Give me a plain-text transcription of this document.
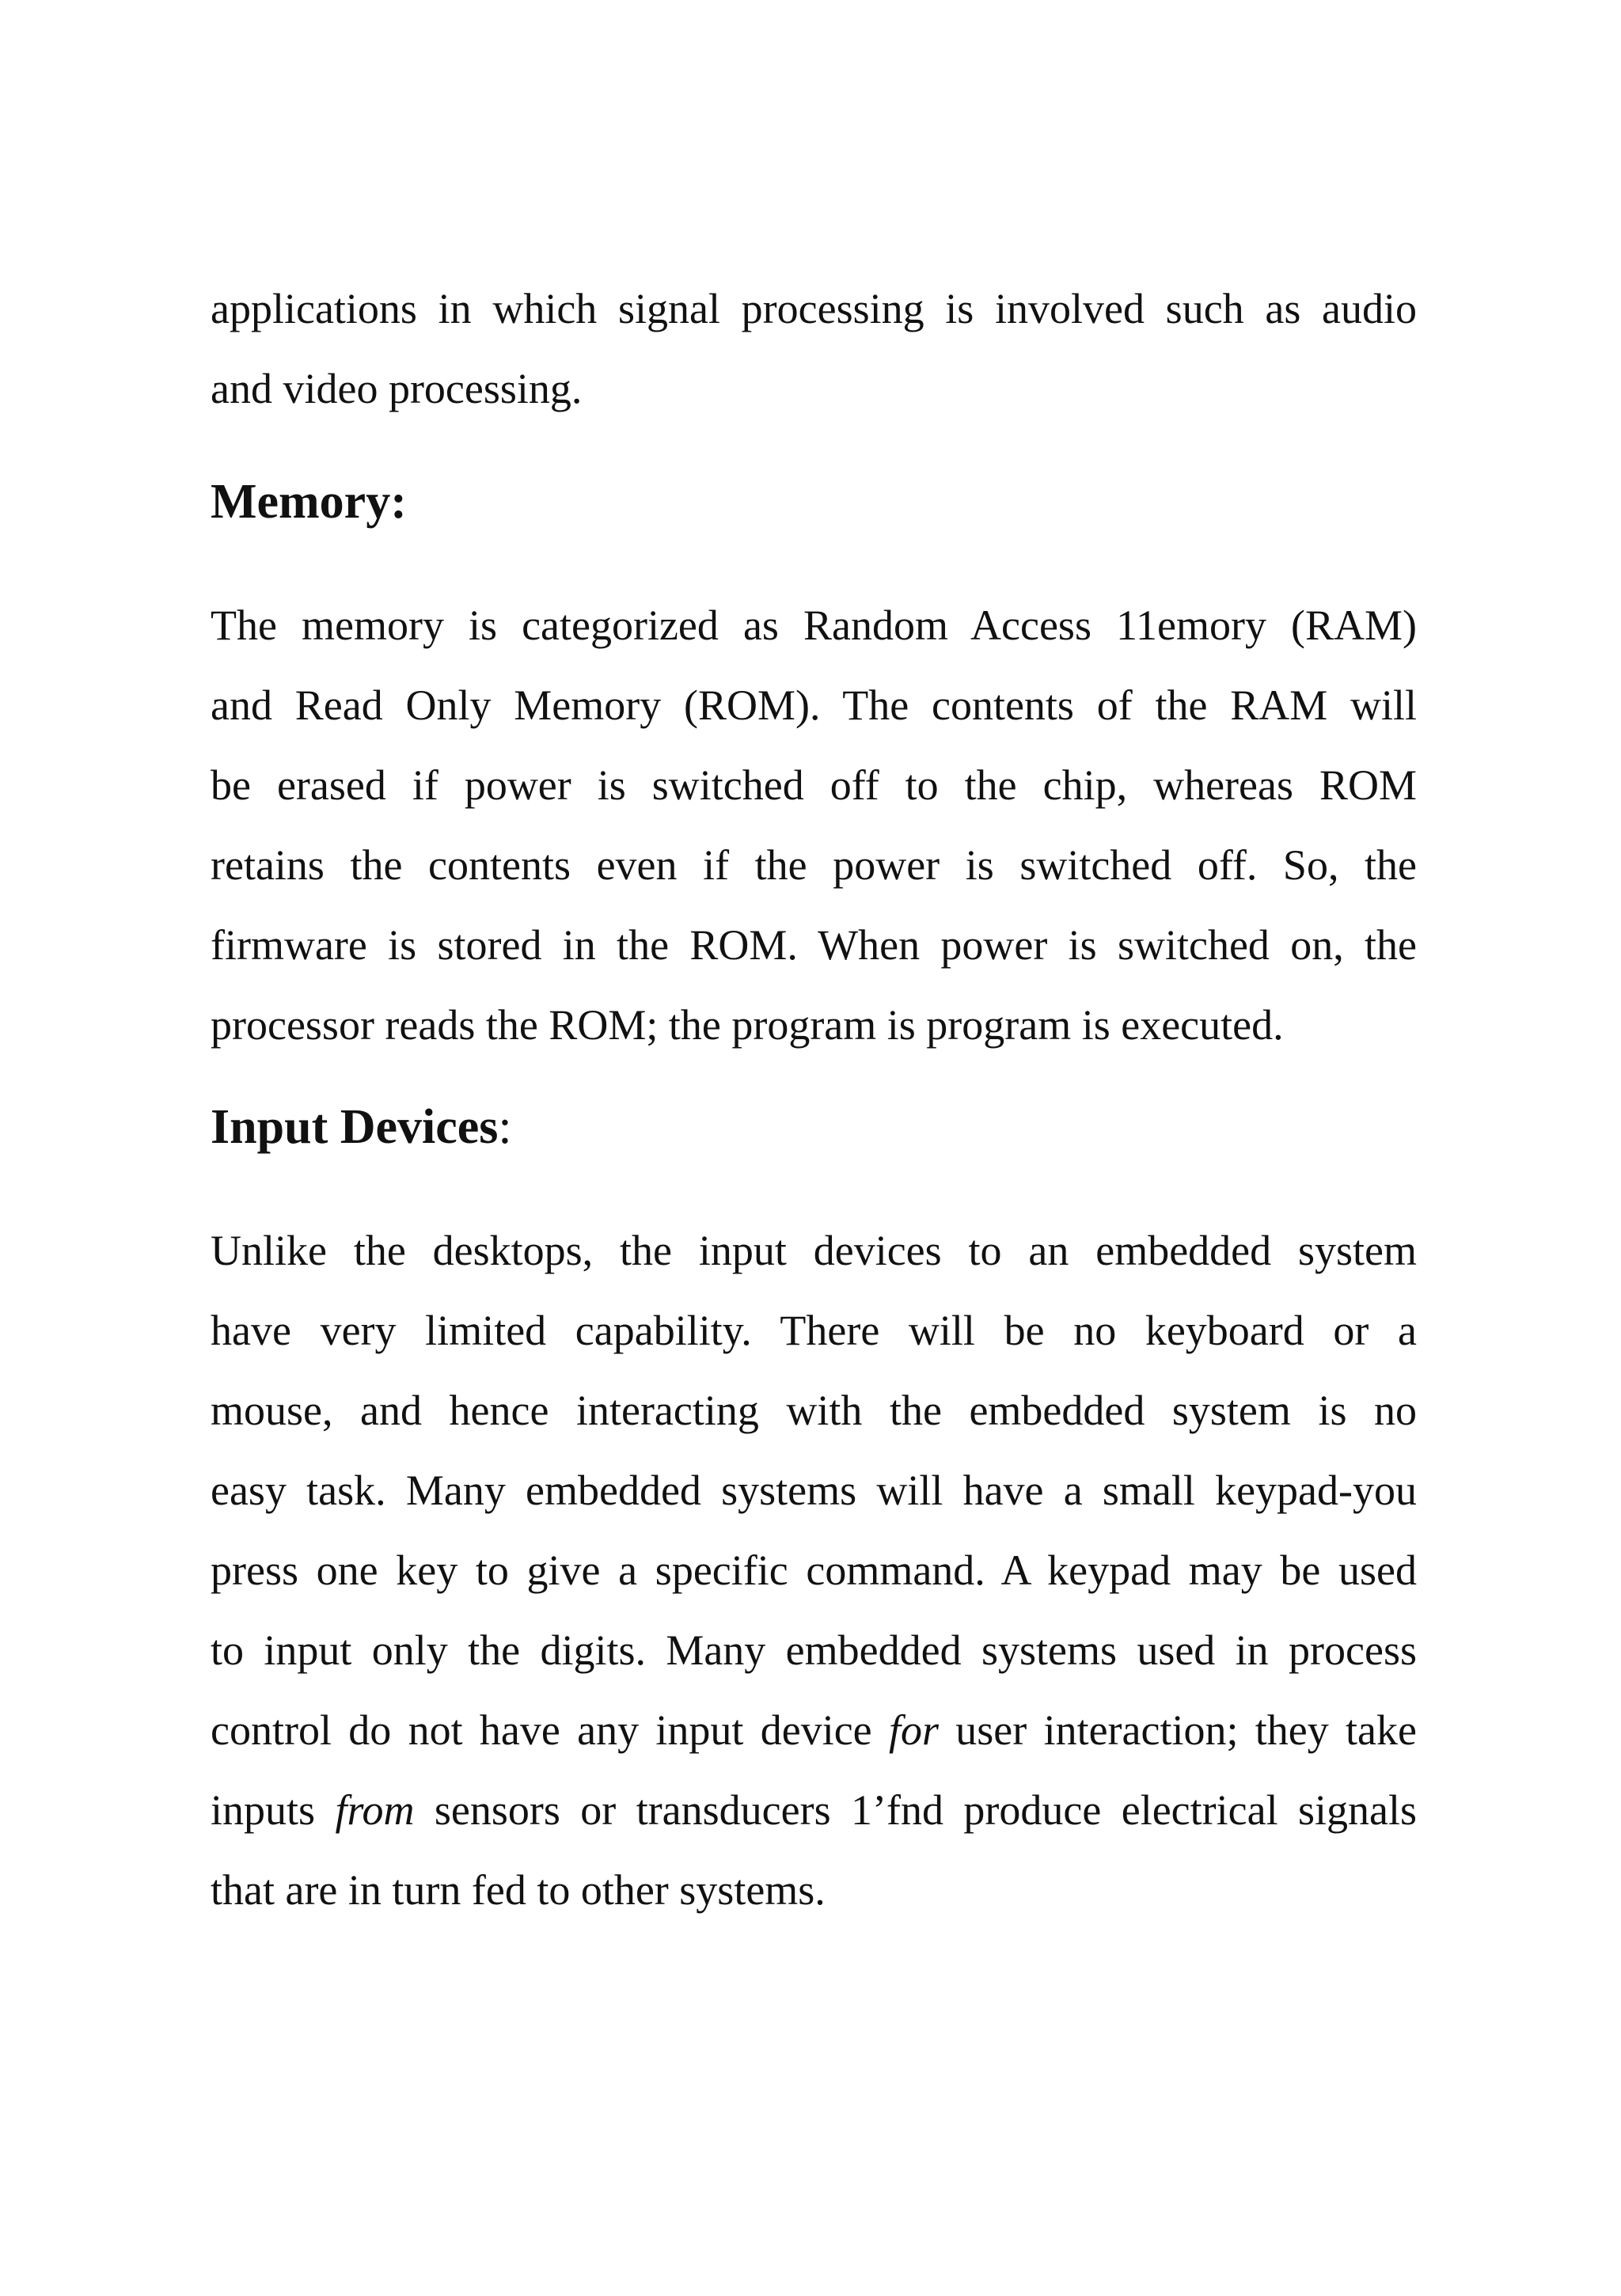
applications in which signal processing is involved such as audio
and video processing.

Memory:

The memory is categorized as Random Access 11emory (RAM)
and Read Only Memory (ROM). The contents of the RAM will
be erased if power is switched off to the chip, whereas ROM
retains the contents even if the power is switched off. So, the
firmware is stored in the ROM. When power is switched on, the
processor reads the ROM; the program is program is executed.

Input Devices:

Unlike the desktops, the input devices to an embedded system
have very limited capability. There will be no keyboard or a
mouse, and hence interacting with the embedded system is no
easy task. Many embedded systems will have a small keypad-you
press one key to give a specific command. A keypad may be used
to input only the digits. Many embedded systems used in process
control do not have any input device for user interaction; they take
inputs from sensors or transducers 1’fnd produce electrical signals
that are in turn fed to other systems.
